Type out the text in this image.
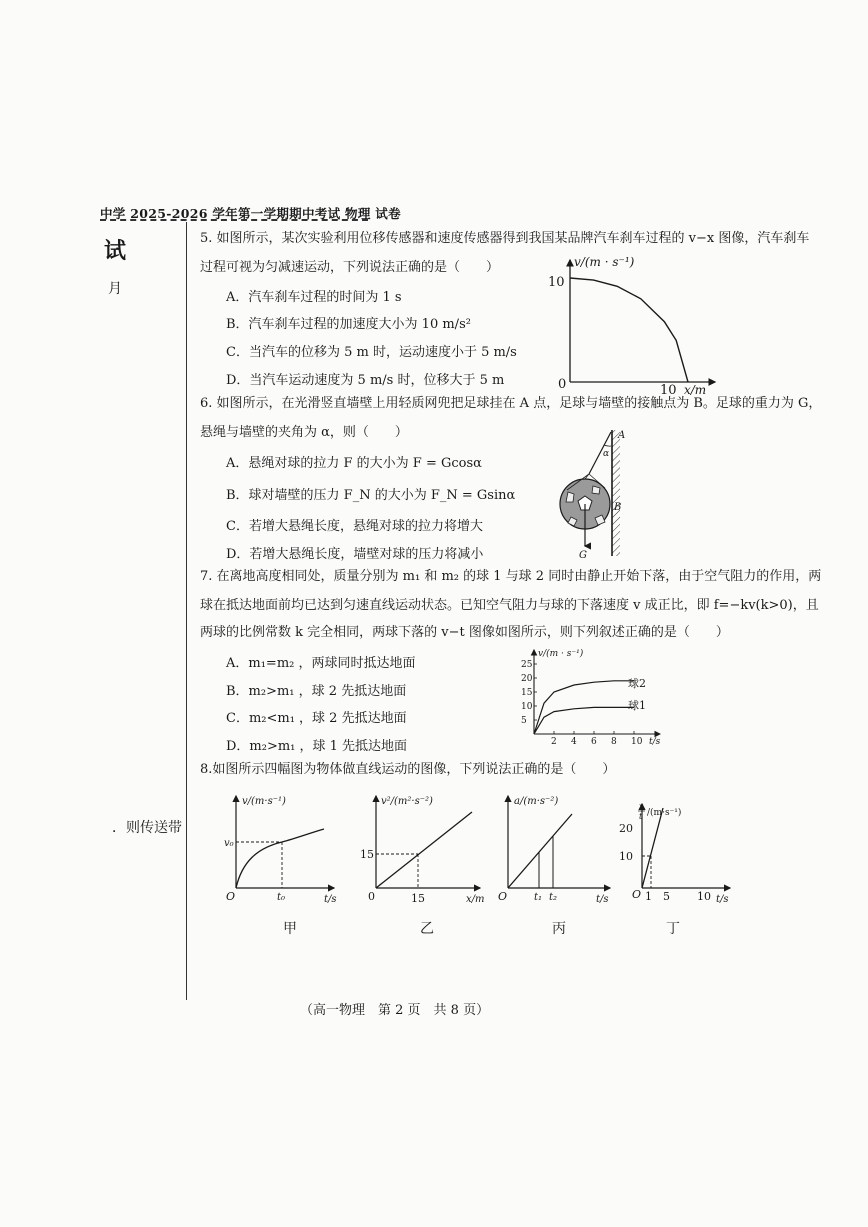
中学 2025-2026 学年第一学期期中考试 物理 试卷
试
月
．则传送带
5. 如图所示，某次实验利用位移传感器和速度传感器得到我国某品牌汽车刹车过程的 v−x 图像，汽车刹车
过程可视为匀减速运动，下列说法正确的是（　　）
A．汽车刹车过程的时间为 1 s
B．汽车刹车过程的加速度大小为 10 m/s²
C．当汽车的位移为 5 m 时，运动速度小于 5 m/s
D．当汽车运动速度为 5 m/s 时，位移大于 5 m
v/(m · s⁻¹)
10
0	10 x/m
6. 如图所示，在光滑竖直墙壁上用轻质网兜把足球挂在 A 点，足球与墙壁的接触点为 B。足球的重力为 G，
悬绳与墙壁的夹角为 α，则（　　）
A．悬绳对球的拉力 F 的大小为 F = Gcosα
B．球对墙壁的压力 F_N 的大小为 F_N = Gsinα
C．若增大悬绳长度，悬绳对球的拉力将增大
D．若增大悬绳长度，墙壁对球的压力将减小
A
α
B
G
7. 在离地高度相同处，质量分别为 m₁ 和 m₂ 的球 1 与球 2 同时由静止开始下落，由于空气阻力的作用，两
球在抵达地面前均已达到匀速直线运动状态。已知空气阻力与球的下落速度 v 成正比，即 f=−kv(k>0)，且
两球的比例常数 k 完全相同，两球下落的 v−t 图像如图所示，则下列叙述正确的是（　　）
A．m₁=m₂ ，两球同时抵达地面
B．m₂>m₁ ，球 2 先抵达地面
C．m₂<m₁ ，球 2 先抵达地面
D．m₂>m₁ ，球 1 先抵达地面	2 4 6 8 10
5
10
15
20
25
v/(m · s⁻¹)
t/s
球2
球1
8.如图所示四幅图为物体做直线运动的图像，下列说法正确的是（　　）
v/(m·s⁻¹)
v₀
O	t₀	t/s
甲
v²/(m²·s⁻²)
15
0	15	x/m
乙
a/(m·s⁻²)
O	t₁ t₂	t/s
丙
x
t /(m·s⁻¹)
20
10
O 1 5 10 t/s
丁
（高一物理　第 2 页　共 8 页）
